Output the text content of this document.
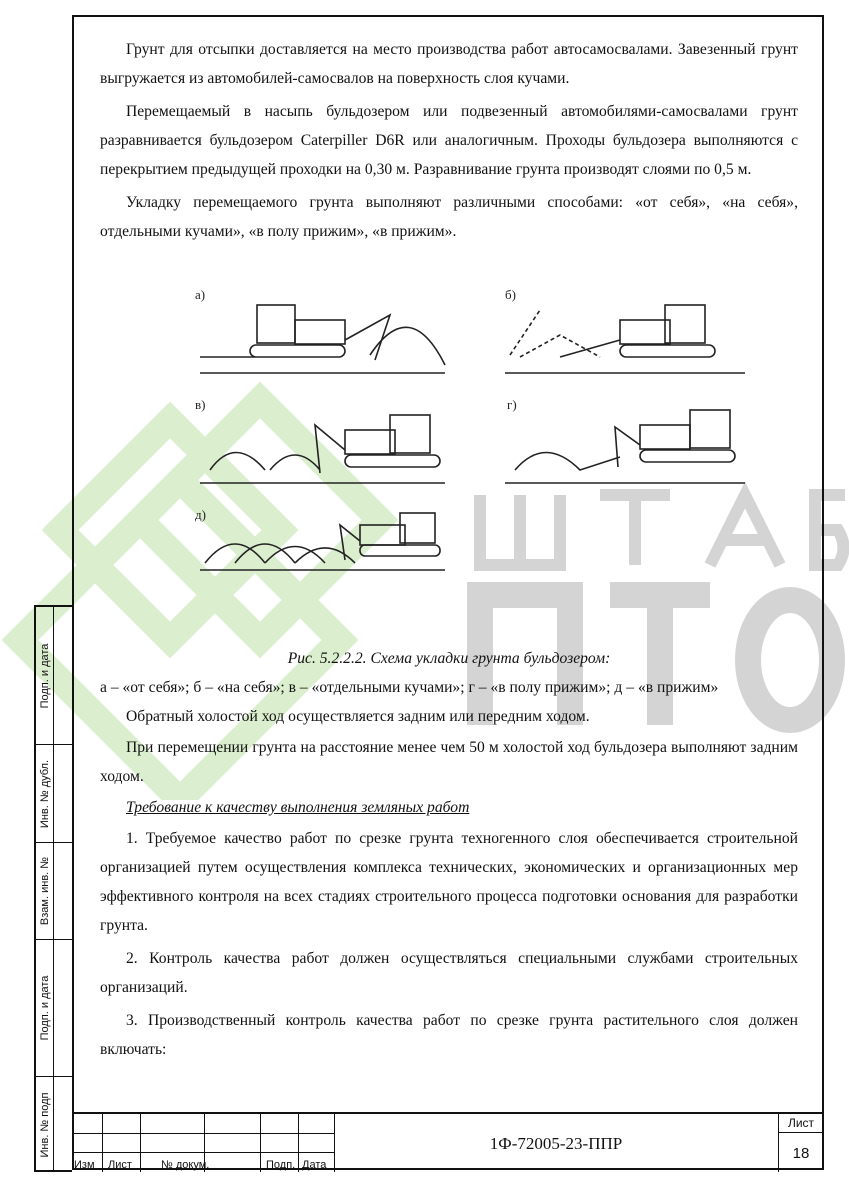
Грунт для отсыпки доставляется на место производства работ автосамосвалами. Завезенный грунт выгружается из автомобилей-самосвалов на поверхность слоя кучами.

Перемещаемый в насыпь бульдозером или подвезенный автомобилями-самосвалами грунт разравнивается бульдозером Caterpiller D6R или аналогичным. Проходы бульдозера выполняются с перекрытием предыдущей проходки на 0,30 м. Разравнивание грунта производят слоями по 0,5 м.

Укладку перемещаемого грунта выполняют различными способами: «от себя», «на себя», отдельными кучами», «в полу прижим», «в прижим».

а)	б)
в)	г)
д)

Рис. 5.2.2.2. Схема укладки грунта бульдозером:

а – «от себя»; б – «на себя»; в – «отдельными кучами»; г – «в полу прижим»; д – «в прижим»

Обратный холостой ход осуществляется задним или передним ходом.

При перемещении грунта на расстояние менее чем 50 м холостой ход бульдозера выполняют задним ходом.

Требование к качеству выполнения земляных работ

1. Требуемое качество работ по срезке грунта техногенного слоя обеспечивается строительной организацией путем осуществления комплекса технических, экономических и организационных мер эффективного контроля на всех стадиях строительного процесса подготовки основания для разработки грунта.

2. Контроль качества работ должен осуществляться специальными службами строительных организаций.

3. Производственный контроль качества работ по срезке грунта растительного слоя должен включать:

Подп. и дата
Инв. № дубл.
Взам. инв. №
Подп. и дата
Инв. № подп
Изм Лист	№ докум.	Подп. Дата
1Ф-72005-23-ППР
Лист
18
